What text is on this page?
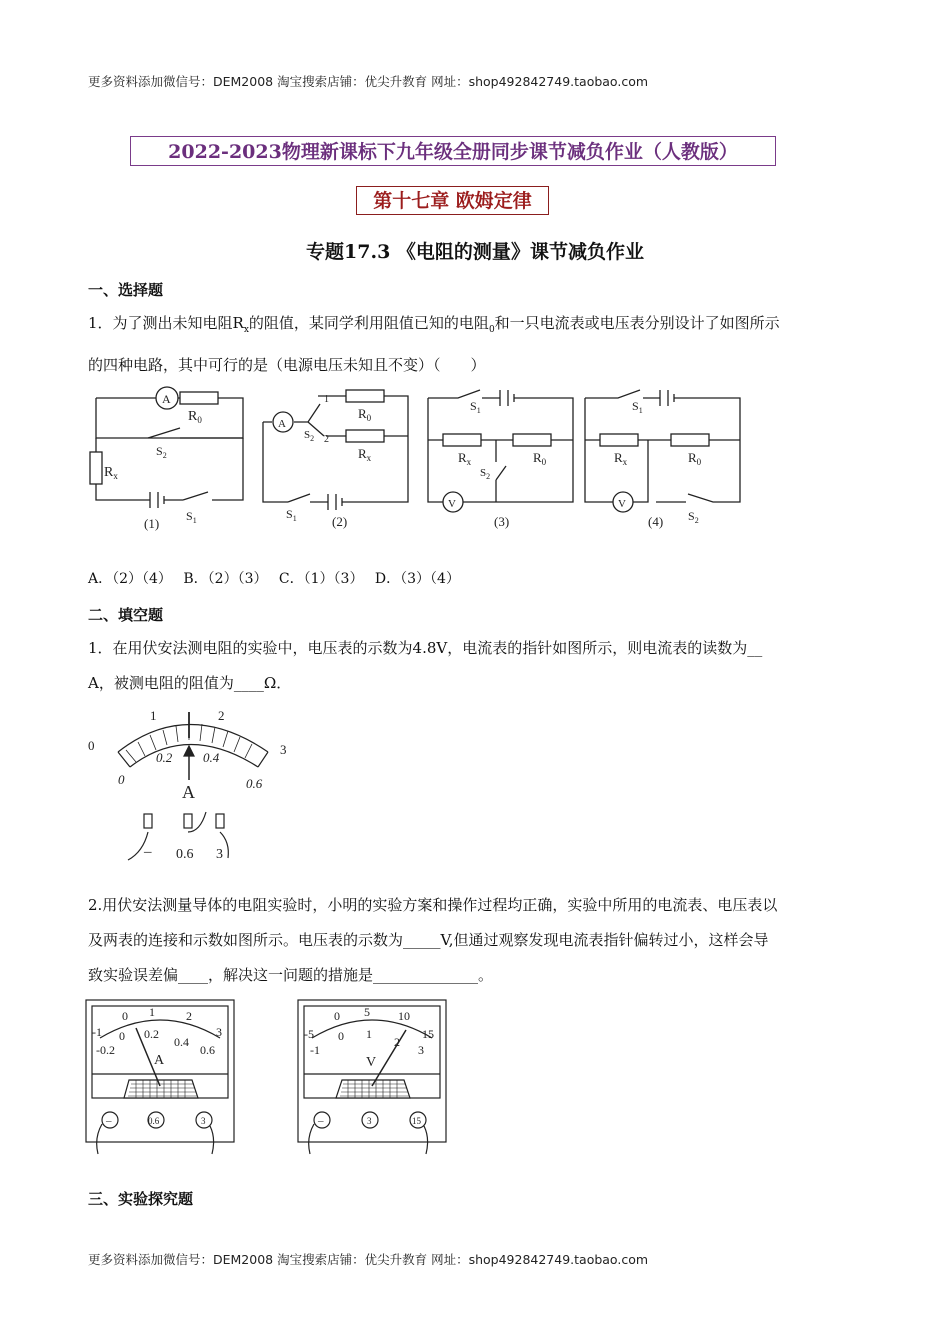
更多资料添加微信号：DEM2008 淘宝搜索店铺：优尖升教育 网址：shop492842749.taobao.com
2022-2023物理新课标下九年级全册同步课节减负作业（人教版）
第十七章 欧姆定律
专题17.3 《电阻的测量》课节减负作业
一、选择题
1．为了测出未知电阻$R_x$的阻值，某同学利用阻值已知的电阻$_0$和一只电流表或电压表分别设计了如图所示
的四种电路，其中可行的是（电源电压未知且不变）（　　）
A
$R_0$
$S_2$
$R_x$
$S_1$
(1)
A
1
2
$R_0$
$R_x$
$S_2$
$S_1$	(2)
V
$S_1$
$R_x$	$R_0$
$S_2$
(3)
V
$S_1$
$R_x$	$R_0$
$S_2$
(4)
A．（2）（4）　 B．（2）（3）　 C．（1）（3）　 D．（3）（4）
二、填空题
1．在用伏安法测电阻的实验中，电压表的示数为4.8V，电流表的指针如图所示，则电流表的读数为__
A，被测电阻的阻值为____Ω．
0
1	2
3
0
0.2 0.4
0.6
A
– 0.6 3
2.用伏安法测量导体的电阻实验时，小明的实验方案和操作过程均正确，实验中所用的电流表、电压表以
及两表的连接和示数如图所示。电压表的示数为_____V,但通过观察发现电流表指针偏转过小，这样会导
致实验误差偏____，解决这一问题的措施是______________。
-1
0 1	2
3
-0.2
0 0.2
0.4
0.6
A
–	0.6	3
-5
0 5 10
15
-1
0 1
2
3
V
–	3	15
三、实验探究题
更多资料添加微信号：DEM2008 淘宝搜索店铺：优尖升教育 网址：shop492842749.taobao.com
